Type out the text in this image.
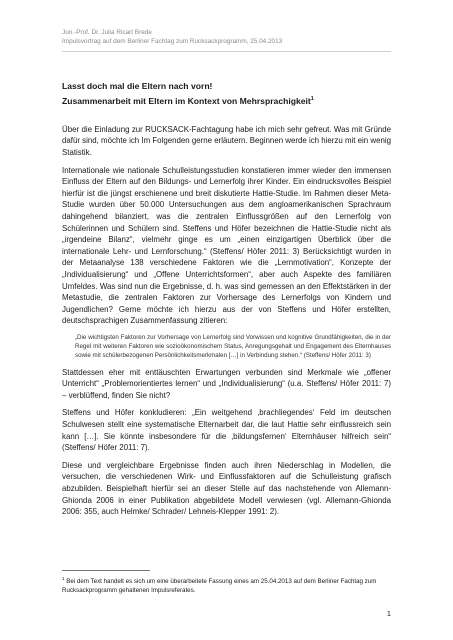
Jun.-Prof. Dr. Julia Ricart Brede
Impulsvortrag auf dem Berliner Fachtag zum Rucksackprogramm, 25.04.2013

Lasst doch mal die Eltern nach vorn!

Zusammenarbeit mit Eltern im Kontext von Mehrsprachigkeit$^1$

Über die Einladung zur RUCKSACK-Fachtagung habe ich mich sehr gefreut. Was mit Gründe dafür sind, möchte ich Im Folgenden gerne erläutern. Beginnen werde ich hierzu mit ein wenig Statistik.

Internationale wie nationale Schulleistungsstudien konstatieren immer wieder den immensen Einfluss der Eltern auf den Bildungs- und Lernerfolg ihrer Kinder. Ein eindrucksvolles Beispiel hierfür ist die jüngst erschienene und breit diskutierte Hattie-Studie. Im Rahmen dieser Meta-Studie wurden über 50.000 Untersuchungen aus dem angloamerikanischen Sprachraum dahingehend bilanziert, was die zentralen Einflussgrößen auf den Lernerfolg von Schülerinnen und Schülern sind. Steffens und Höfer bezeichnen die Hattie-Studie nicht als „irgendeine Bilanz“, vielmehr ginge es um „einen einzigartigen Überblick über die internationale Lehr- und Lernforschung.“ (Steffens/ Höfer 2011: 3) Berücksichtigt wurden in der Metaanalyse 138 verschiedene Faktoren wie die „Lernmotivation“, Konzepte der „Individualisierung“ und „Offene Unterrichtsformen“, aber auch Aspekte des familiären Umfeldes. Was sind nun die Ergebnisse, d. h. was sind gemessen an den Effektstärken in der Metastudie, die zentralen Faktoren zur Vorhersage des Lernerfolgs von Kindern und Jugendlichen? Gerne möchte ich hierzu aus der von Steffens und Höfer erstellten, deutschsprachigen Zusammenfassung zitieren:

„Die wichtigsten Faktoren zur Vorhersage von Lernerfolg sind Vorwissen und kognitive Grundfähigkeiten, die in der Regel mit weiteren Faktoren wie sozioökonomischem Status, Anregungsgehalt und Engagement des Elternhauses sowie mit schülerbezogenen Persönlichkeitsmerkmalen […] in Verbindung stehen.“ (Steffens/ Höfer 2011: 3)

Stattdessen eher mit enttäuschten Erwartungen verbunden sind Merkmale wie „offener Unterricht“ „Problemorientiertes lernen“ und „Individualisierung“ (u.a. Steffens/ Höfer 2011: 7) – verblüffend, finden Sie nicht?

Steffens und Höfer konkludieren: „Ein weitgehend ‚brachliegendes‘ Feld im deutschen Schulwesen stellt eine systematische Elternarbeit dar, die laut Hattie sehr einflussreich sein kann […]. Sie könnte insbesondere für die ‚bildungsfernen‘ Elternhäuser hilfreich sein“ (Steffens/ Höfer 2011: 7).

Diese und vergleichbare Ergebnisse finden auch ihren Niederschlag in Modellen, die versuchen, die verschiedenen Wirk- und Einflussfaktoren auf die Schulleistung grafisch abzubilden. Beispielhaft hierfür sei an dieser Stelle auf das nachstehende von Allemann-Ghionda 2006 in einer Publikation abgebildete Modell verwiesen (vgl. Allemann-Ghionda 2006: 355, auch Helmke/ Schrader/ Lehneis-Klepper 1991: 2).

$^1$ Bei dem Text handelt es sich um eine überarbeitete Fassung eines am 25.04.2013 auf dem Berliner Fachtag zum Rucksackprogramm gehaltenen Impulsreferates.
1
